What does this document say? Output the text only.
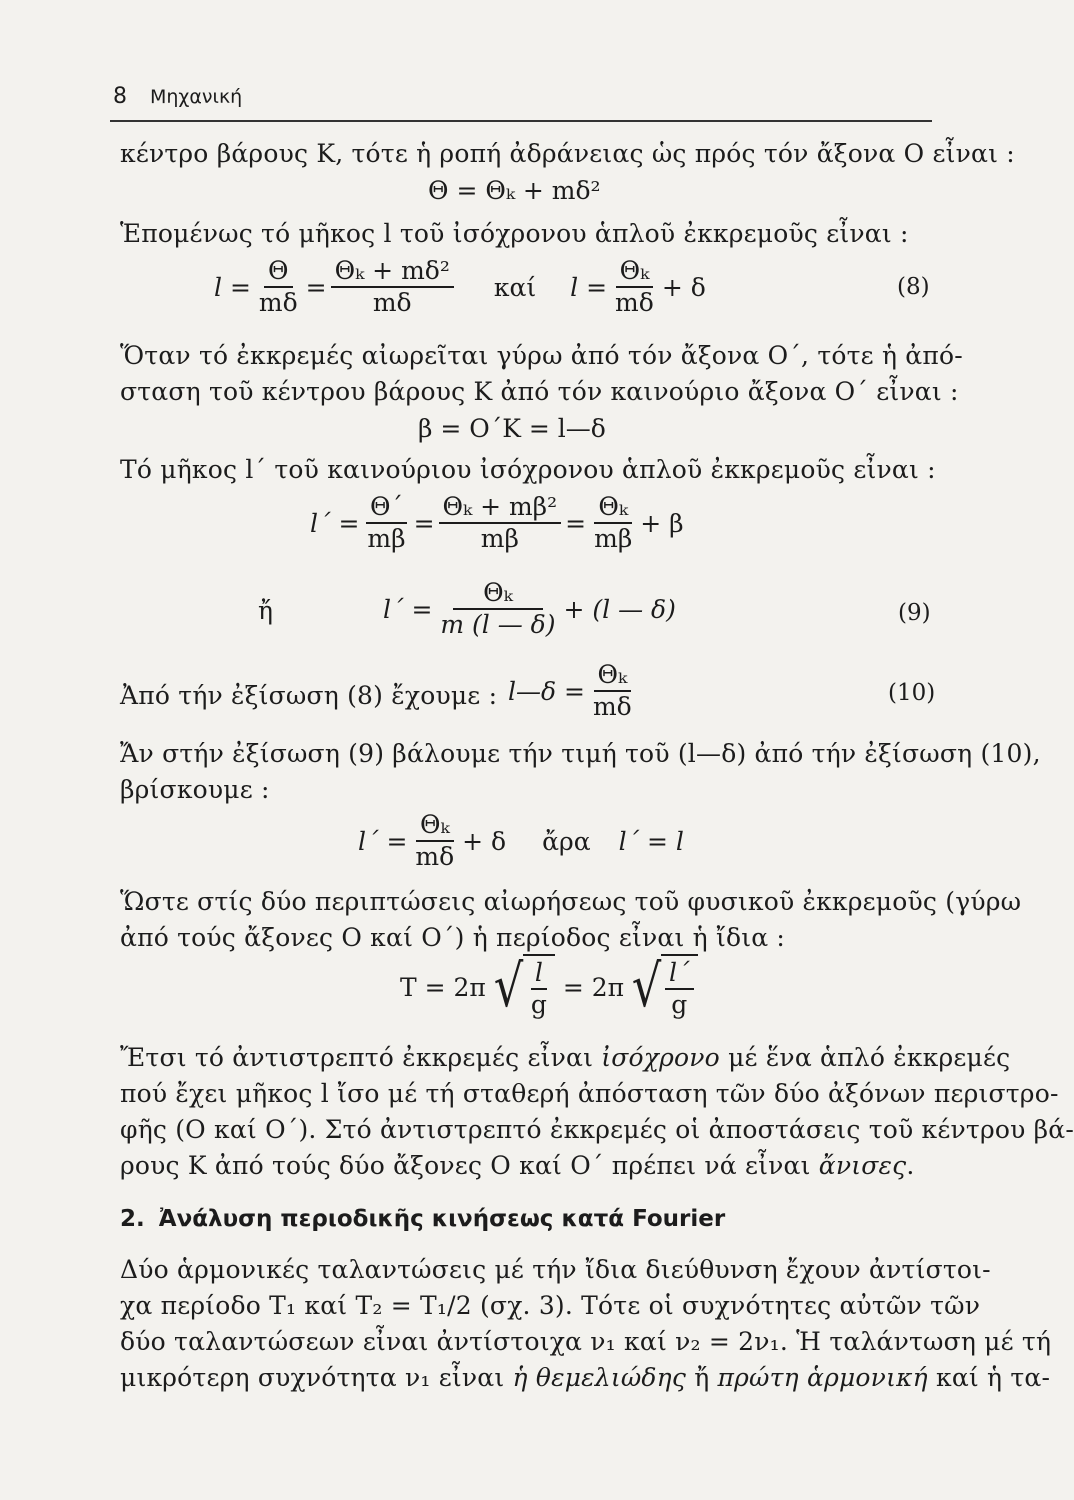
8 Μηχανική
κέντρο βάρους Κ, τότε ἡ ροπή ἀδράνειας ὡς πρός τόν ἄξονα Ο εἶναι :
Θ = Θₖ + mδ²
Ἑπομένως τό μῆκος l τοῦ ἰσόχρονου ἁπλοῦ ἐκκρεμοῦς εἶναι :
$l = \frac{\Theta}{m\delta} = \frac{\text{Θₖ + mδ²}}{m\delta}$ καί $l = \frac{\text{Θₖ}}{m\delta} + \delta$	(8)
Ὅταν τό ἐκκρεμές αἰωρεῖται γύρω ἀπό τόν ἄξονα Ο΄, τότε ἡ ἀπό-
σταση τοῦ κέντρου βάρους Κ ἀπό τόν καινούριο ἄξονα Ο΄ εἶναι :
β = Ο΄Κ = l—δ
Τό μῆκος l΄ τοῦ καινούριου ἰσόχρονου ἁπλοῦ ἐκκρεμοῦς εἶναι :
$l΄ = \frac{\Theta΄}{m\beta} = \frac{\text{Θₖ + mβ²}}{m\beta} = \frac{\text{Θₖ}}{m\beta} + \beta$
ἤ	$l΄ = \frac{\text{Θₖ}}{m (l — \delta)} + (l$ — δ)	(9)
Ἀπό τήν ἐξίσωση (8) ἔχουμε : l—δ = $\frac{\text{Θₖ}}{m\delta}$	(10)
Ἄν στήν ἐξίσωση (9) βάλουμε τήν τιμή τοῦ (l—δ) ἀπό τήν ἐξίσωση (10),
βρίσκουμε :
$l΄ = \frac{\text{Θₖ}}{m\delta} + \delta$ ἄρα l΄ = l
Ὥστε στίς δύο περιπτώσεις αἰωρήσεως τοῦ φυσικοῦ ἐκκρεμοῦς (γύρω
ἀπό τούς ἄξονες Ο καί Ο΄) ἡ περίοδος εἶναι ἡ ἴδια :
T = 2π √ $\frac{l}{g} = 2\pi$ √ $\frac{l΄}{g}$
Ἔτσι τό ἀντιστρεπτό ἐκκρεμές εἶναι ἰσόχρονο μέ ἕνα ἁπλό ἐκκρεμές
πού ἔχει μῆκος l ἴσο μέ τή σταθερή ἀπόσταση τῶν δύο ἀξόνων περιστρο-
φῆς (Ο καί Ο΄). Στό ἀντιστρεπτό ἐκκρεμές οἱ ἀποστάσεις τοῦ κέντρου βά-
ρους Κ ἀπό τούς δύο ἄξονες Ο καί Ο΄ πρέπει νά εἶναι ἄνισες.
2. Ἀνάλυση περιοδικῆς κινήσεως κατά Fourier
Δύο ἁρμονικές ταλαντώσεις μέ τήν ἴδια διεύθυνση ἔχουν ἀντίστοι-
χα περίοδο T₁ καί T₂ = T₁/2 (σχ. 3). Τότε οἱ συχνότητες αὐτῶν τῶν
δύο ταλαντώσεων εἶναι ἀντίστοιχα ν₁ καί ν₂ = 2ν₁. Ἡ ταλάντωση μέ τή
μικρότερη συχνότητα ν₁ εἶναι ἡ θεμελιώδης ἤ πρώτη ἁρμονική καί ἡ τα-
